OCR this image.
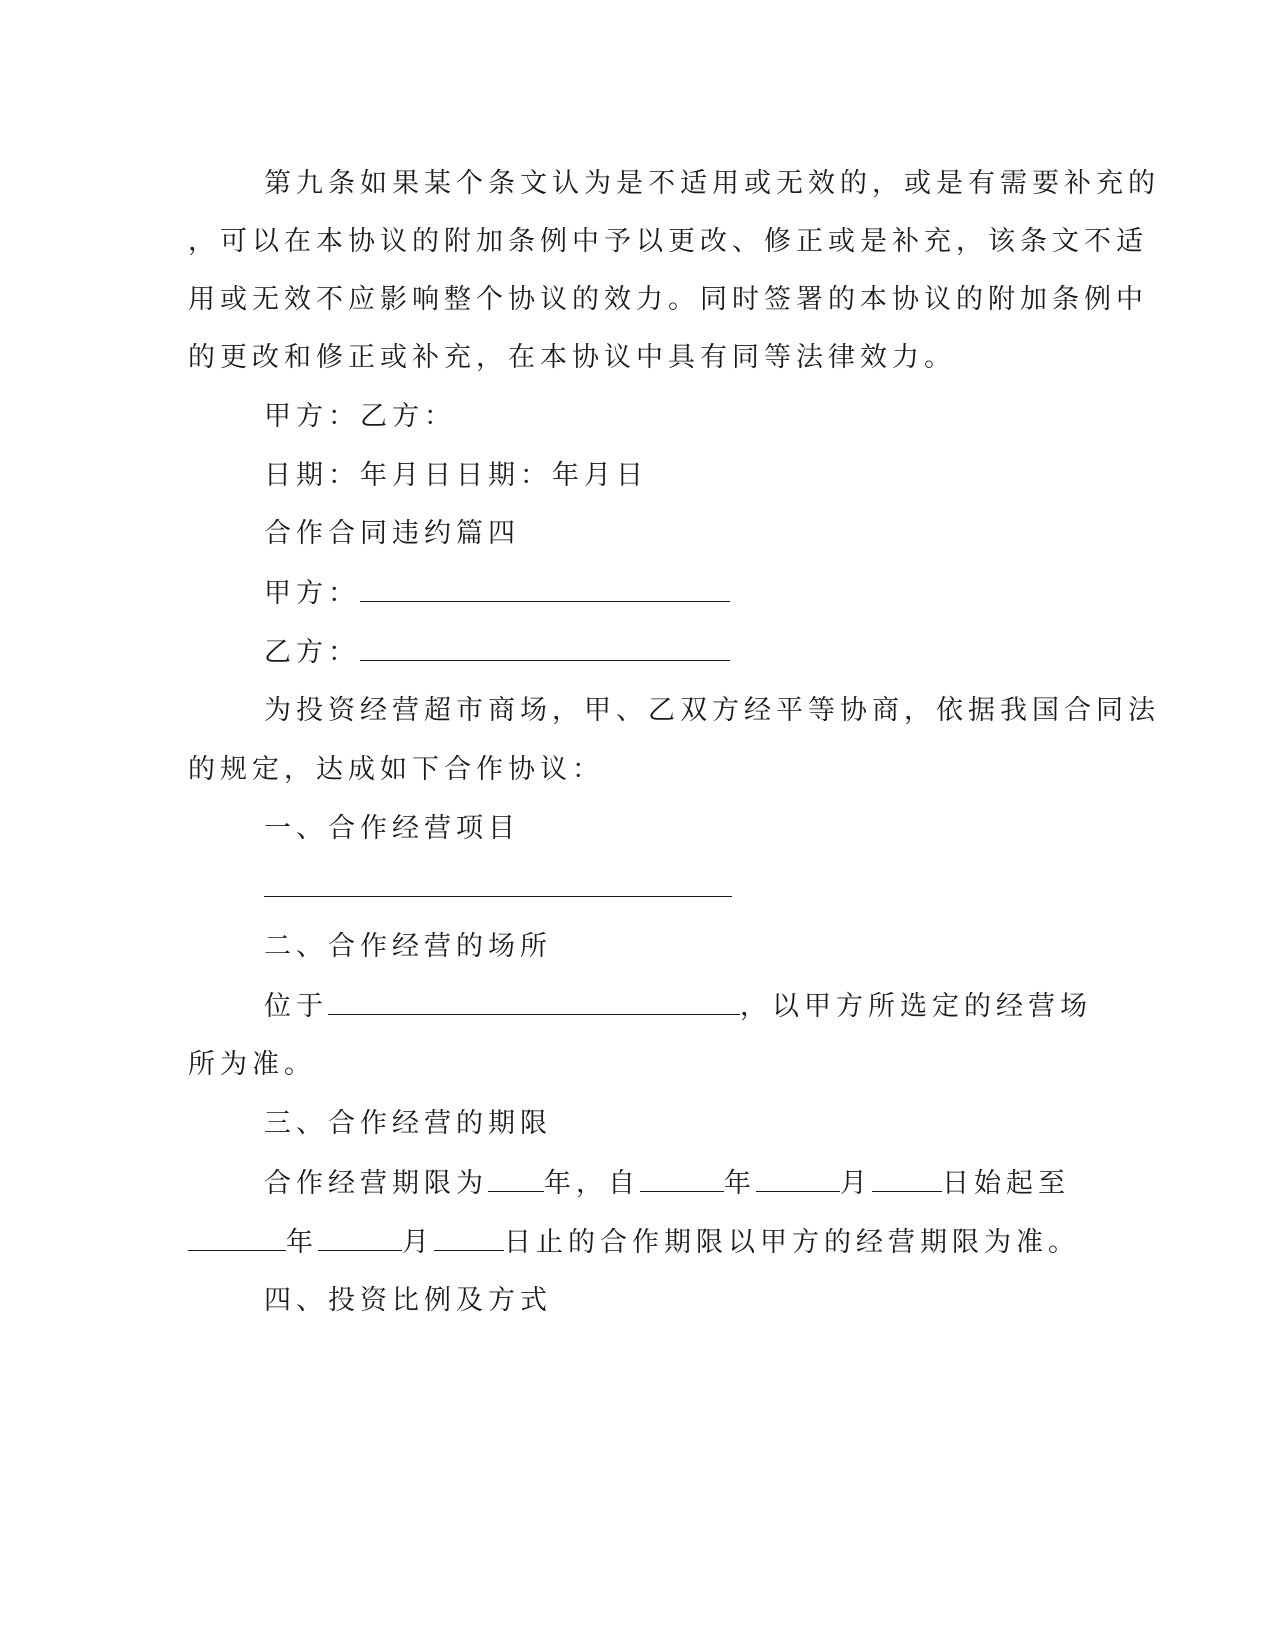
第九条如果某个条文认为是不适用或无效的，或是有需要补充的
，可以在本协议的附加条例中予以更改、修正或是补充，该条文不适
用或无效不应影响整个协议的效力。同时签署的本协议的附加条例中
的更改和修正或补充，在本协议中具有同等法律效力。
甲方：乙方：
日期：年月日日期：年月日
合作合同违约篇四
甲方：
乙方：
为投资经营超市商场，甲、乙双方经平等协商，依据我国合同法
的规定，达成如下合作协议：
一、合作经营项目
二、合作经营的场所
位于	，以甲方所选定的经营场
所为准。
三、合作经营的期限
合作经营期限为 年，自	年	月	日始起至
年	月	日止的合作期限以甲方的经营期限为准。
四、投资比例及方式
